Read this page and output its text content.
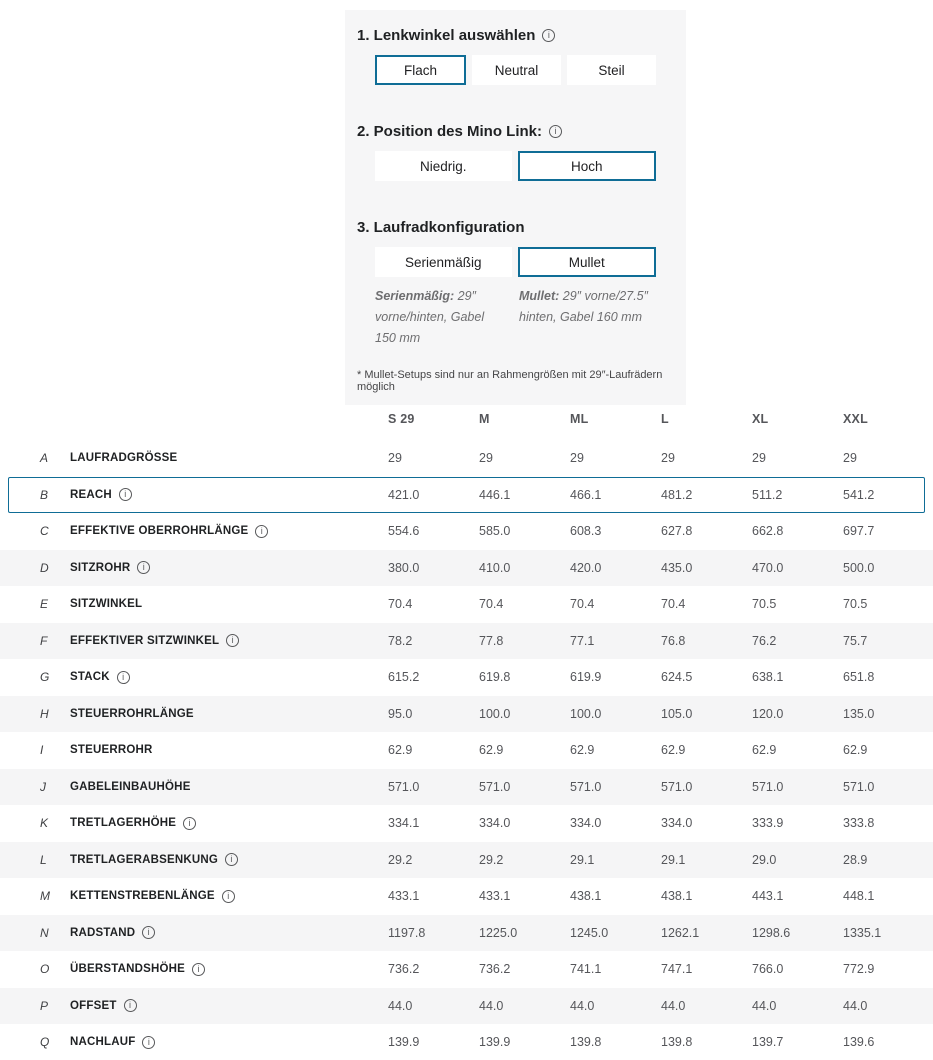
1. Lenkwinkel auswählen
i
Flach	Neutral	Steil
2. Position des Mino Link:
i
Niedrig.	Hoch
3. Laufradkonfiguration
Serienmäßig	Mullet

Serienmäßig: 29″ vorne/hinten, Gabel 150 mm

Mullet: 29″ vorne/27.5″ hinten, Gabel 160 mm

* Mullet-Setups sind nur an Rahmengrößen mit 29″-Laufrädern möglich

S 29	M	ML	L	XL	XXL
A	LAUFRADGRÖSSE	29	29	29	29	29	29
B	REACH i	421.0	446.1	466.1	481.2	511.2	541.2
C	EFFEKTIVE OBERROHRLÄNGE i	554.6	585.0	608.3	627.8	662.8	697.7
D	SITZROHR i	380.0	410.0	420.0	435.0	470.0	500.0
E	SITZWINKEL	70.4	70.4	70.4	70.4	70.5	70.5
F	EFFEKTIVER SITZWINKEL i	78.2	77.8	77.1	76.8	76.2	75.7
G	STACK i	615.2	619.8	619.9	624.5	638.1	651.8
H	STEUERROHRLÄNGE	95.0	100.0	100.0	105.0	120.0	135.0
I	STEUERROHR	62.9	62.9	62.9	62.9	62.9	62.9
J	GABELEINBAUHÖHE	571.0	571.0	571.0	571.0	571.0	571.0
K	TRETLAGERHÖHE i	334.1	334.0	334.0	334.0	333.9	333.8
L	TRETLAGERABSENKUNG i	29.2	29.2	29.1	29.1	29.0	28.9
M	KETTENSTREBENLÄNGE i	433.1	433.1	438.1	438.1	443.1	448.1
N	RADSTAND i	1197.8	1225.0	1245.0	1262.1	1298.6	1335.1
O	ÜBERSTANDSHÖHE i	736.2	736.2	741.1	747.1	766.0	772.9
P	OFFSET i	44.0	44.0	44.0	44.0	44.0	44.0
Q	NACHLAUF i	139.9	139.9	139.8	139.8	139.7	139.6
